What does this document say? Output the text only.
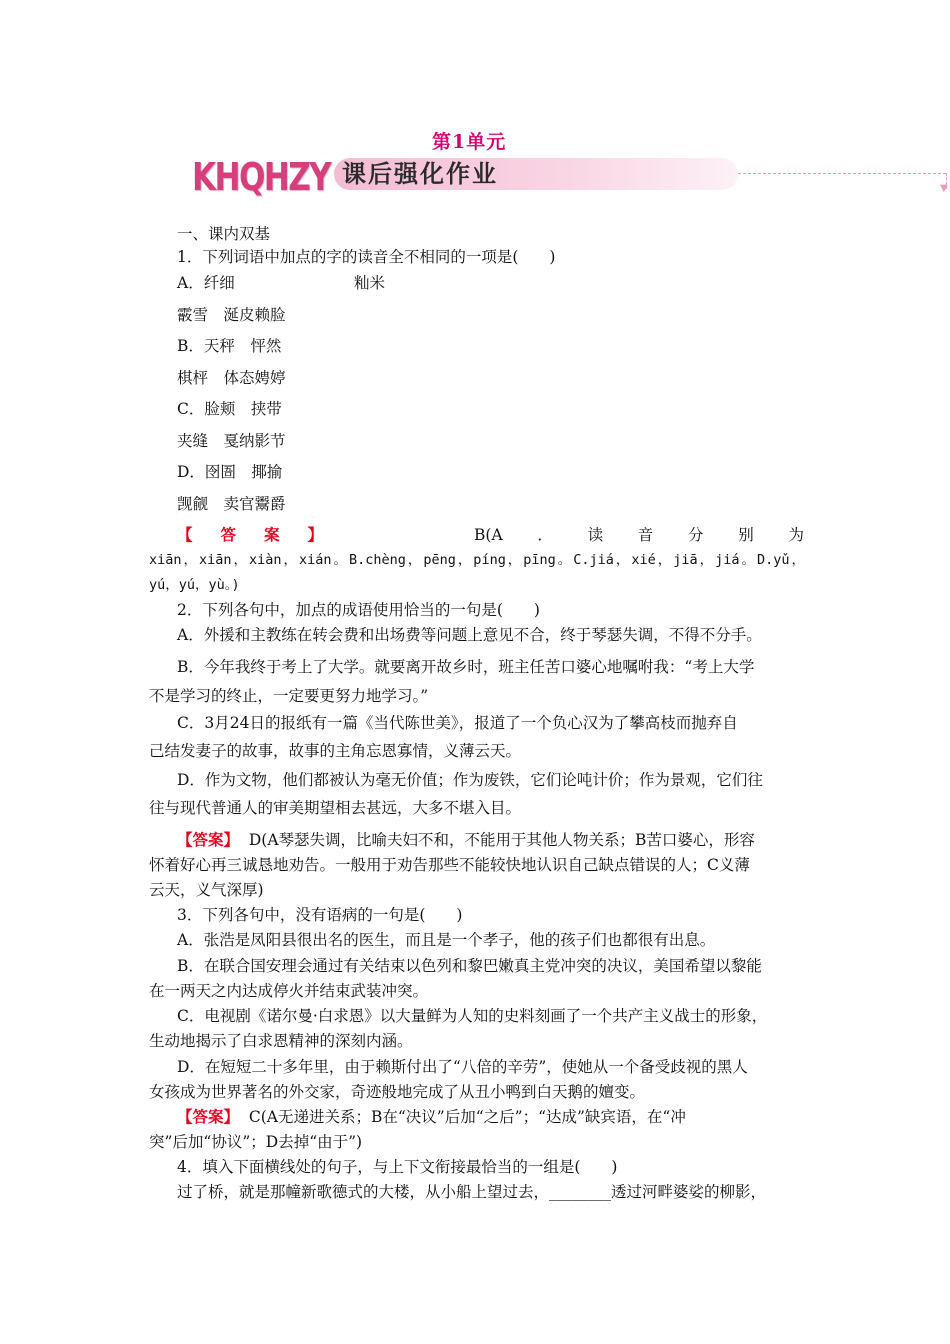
第1单元
KHQHZY 课后强化作业
▼
一、课内双基
1．下列词语中加点的字的读音全不相同的一项是(　　)
A．纤细	籼米
霰雪　涎皮赖脸
B．天秤　怦然
棋枰　体态娉婷
C．脸颊　挟带
夹缝　戛纳影节
D．囹圄　揶揄
觊觎　卖官鬻爵
【答案】	B(A．读音分别为
xiān，xiān，xiàn，xián。B.chèng，pēng，píng，pīng。C.jiá，xié，jiā，jiá。D.yǔ，
yú，yú，yù。)
2．下列各句中，加点的成语使用恰当的一句是(　　)
A．外援和主教练在转会费和出场费等问题上意见不合，终于琴瑟失调，不得不分手。
B．今年我终于考上了大学。就要离开故乡时，班主任苦口婆心地嘱咐我：“考上大学
不是学习的终止，一定要更努力地学习。”
C．3月24日的报纸有一篇《当代陈世美》，报道了一个负心汉为了攀高枝而抛弃自
己结发妻子的故事，故事的主角忘恩寡情，义薄云天。
D．作为文物，他们都被认为毫无价值；作为废铁，它们论吨计价；作为景观，它们往
往与现代普通人的审美期望相去甚远，大多不堪入目。
【答案】 D(A琴瑟失调，比喻夫妇不和，不能用于其他人物关系；B苦口婆心，形容
怀着好心再三诚恳地劝告。一般用于劝告那些不能较快地认识自己缺点错误的人；C义薄
云天，义气深厚)
3．下列各句中，没有语病的一句是(　　)
A．张浩是凤阳县很出名的医生，而且是一个孝子，他的孩子们也都很有出息。
B．在联合国安理会通过有关结束以色列和黎巴嫩真主党冲突的决议，美国希望以黎能
在一两天之内达成停火并结束武装冲突。
C．电视剧《诺尔曼·白求恩》以大量鲜为人知的史料刻画了一个共产主义战士的形象，
生动地揭示了白求恩精神的深刻内涵。
D．在短短二十多年里，由于赖斯付出了“八倍的辛劳”，使她从一个备受歧视的黑人
女孩成为世界著名的外交家，奇迹般地完成了从丑小鸭到白天鹅的嬗变。
【答案】 C(A无递进关系；B在“决议”后加“之后”；“达成”缺宾语，在“冲
突”后加“协议”；D去掉“由于”)
4．填入下面横线处的句子，与上下文衔接最恰当的一组是(　　)
过了桥，就是那幢新歌德式的大楼，从小船上望过去，________透过河畔婆娑的柳影，
